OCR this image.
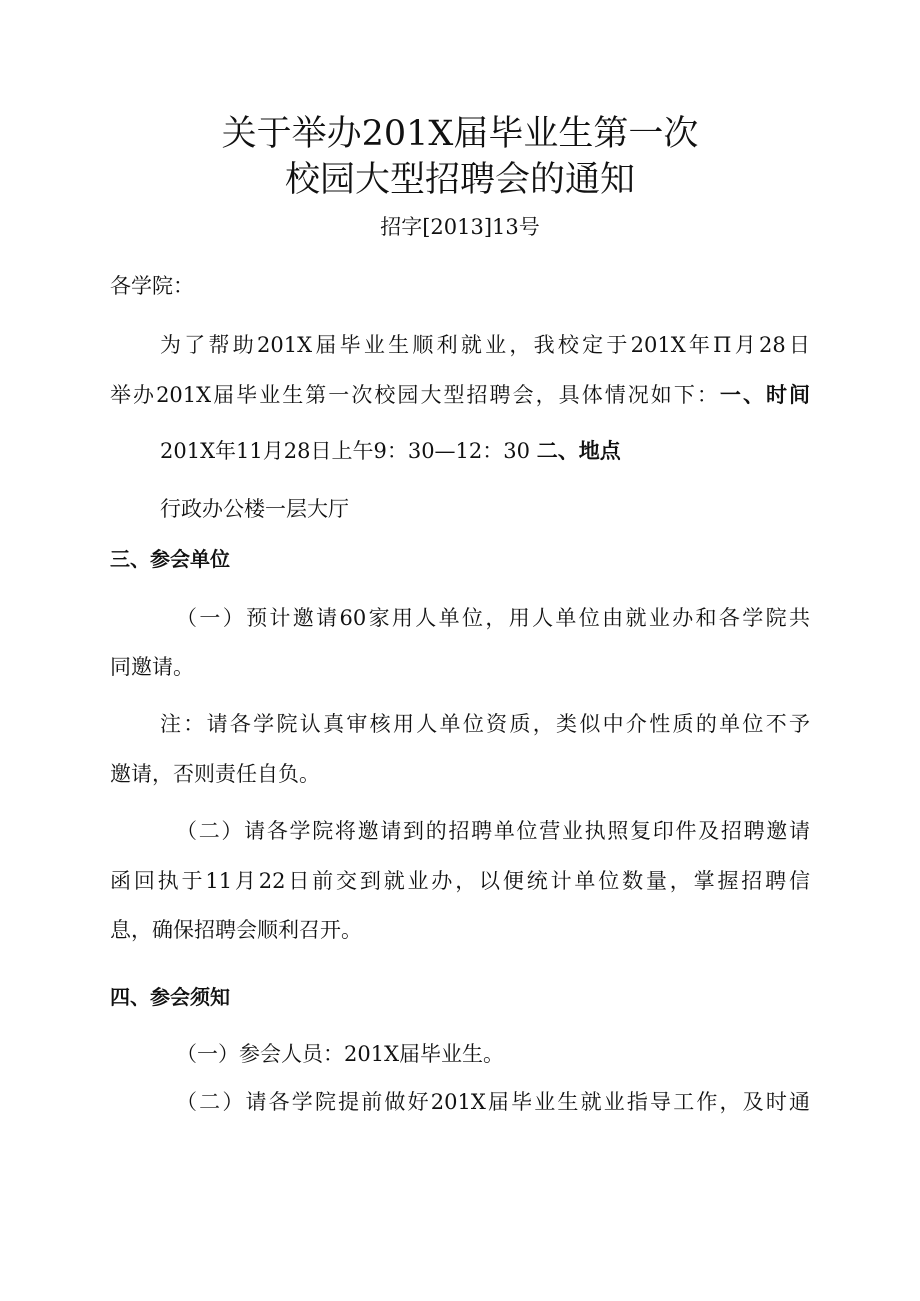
关于举办201X届毕业生第一次
校园大型招聘会的通知
招字[2013]13号
各学院：
为了帮助201X届毕业生顺利就业，我校定于201X年Π月28日
举办201X届毕业生第一次校园大型招聘会，具体情况如下：一、时间
201X年11月28日上午9：30—12：30 二、地点
行政办公楼一层大厅
三、参会单位
（一）预计邀请60家用人单位，用人单位由就业办和各学院共
同邀请。
注：请各学院认真审核用人单位资质，类似中介性质的单位不予
邀请，否则责任自负。
（二）请各学院将邀请到的招聘单位营业执照复印件及招聘邀请
函回执于11月22日前交到就业办，以便统计单位数量，掌握招聘信
息，确保招聘会顺利召开。
四、参会须知
（一）参会人员：201X届毕业生。
（二）请各学院提前做好201X届毕业生就业指导工作，及时通
